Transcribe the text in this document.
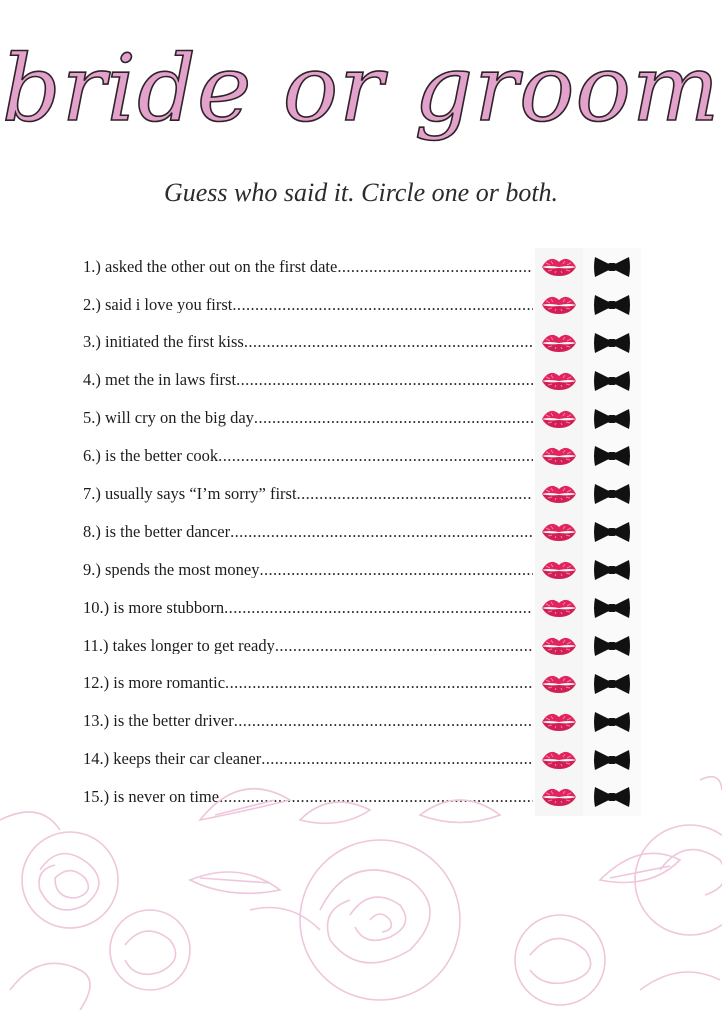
bride or groom
Guess who said it. Circle one or both.
1.) asked the other out on the first date .....
2.) said i love you first .....
3.) initiated the first kiss .....
4.) met the in laws first .....
5.) will cry on the big day .....
6.) is the better cook .....
7.) usually says “I’m sorry” first .....
8.) is the better dancer .....
9.) spends the most money .....
10.) is more stubborn .....
11.) takes longer to get ready .....
12.) is more romantic .....
13.) is the better driver .....
14.) keeps their car cleaner .....
15.) is never on time .....
